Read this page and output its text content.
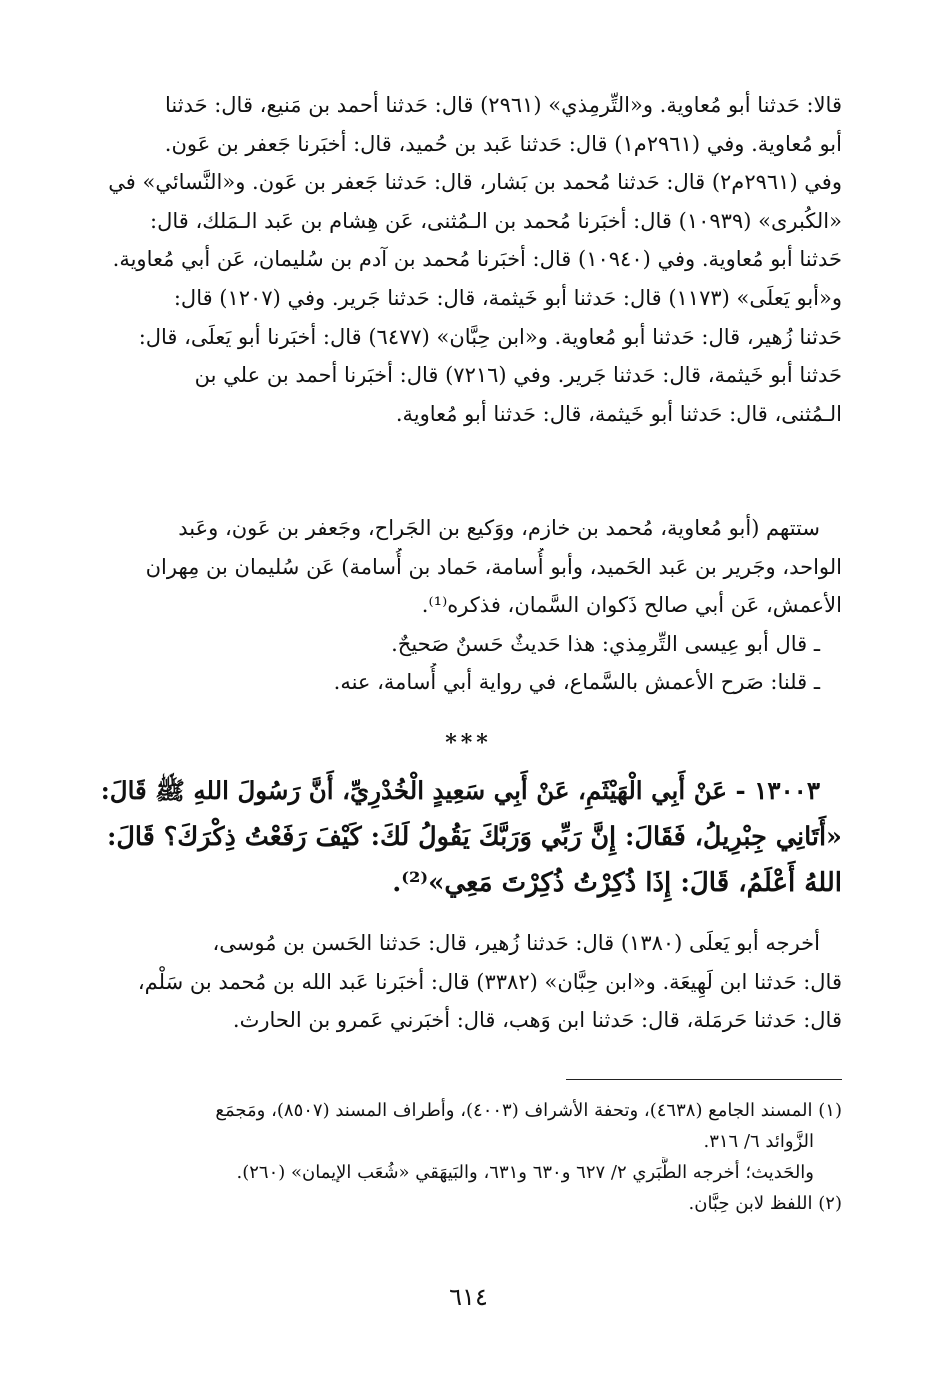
قالا: حَدثنا أبو مُعاوية. و«التِّرمِذي» (٢٩٦١) قال: حَدثنا أحمد بن مَنيع، قال: حَدثنا
أبو مُعاوية. وفي (٢٩٦١م١) قال: حَدثنا عَبد بن حُميد، قال: أخبَرنا جَعفر بن عَون.
وفي (٢٩٦١م٢) قال: حَدثنا مُحمد بن بَشار، قال: حَدثنا جَعفر بن عَون. و«النَّسائي» في
«الكُبرى» (١٠٩٣٩) قال: أخبَرنا مُحمد بن الـمُثنى، عَن هِشام بن عَبد الـمَلك، قال:
حَدثنا أبو مُعاوية. وفي (١٠٩٤٠) قال: أخبَرنا مُحمد بن آدم بن سُليمان، عَن أبي مُعاوية.
و«أبو يَعلَى» (١١٧٣) قال: حَدثنا أبو خَيثمة، قال: حَدثنا جَرير. وفي (١٢٠٧) قال:
حَدثنا زُهير، قال: حَدثنا أبو مُعاوية. و«ابن حِبَّان» (٦٤٧٧) قال: أخبَرنا أبو يَعلَى، قال:
حَدثنا أبو خَيثمة، قال: حَدثنا جَرير. وفي (٧٢١٦) قال: أخبَرنا أحمد بن علي بن
الـمُثنى، قال: حَدثنا أبو خَيثمة، قال: حَدثنا أبو مُعاوية.
ستتهم (أبو مُعاوية، مُحمد بن خازم، ووَكيع بن الجَراح، وجَعفر بن عَون، وعَبد
الواحد، وجَرير بن عَبد الحَميد، وأبو أُسامة، حَماد بن أُسامة) عَن سُليمان بن مِهران
الأعمش، عَن أبي صالح ذَكوان السَّمان، فذكره⁽¹⁾.
ـ قال أبو عِيسى التِّرمِذي: هذا حَديثٌ حَسنٌ صَحيحٌ.
ـ قلنا: صَرح الأعمش بالسَّماع، في رواية أبي أُسامة، عنه.
***
١٣٠٠٣ - عَنْ أَبِي الْهَيْثَمِ، عَنْ أَبِي سَعِيدٍ الْخُدْرِيِّ، أَنَّ رَسُولَ اللهِ ﷺ قَالَ:
«أَتَانِي جِبْرِيلُ، فَقَالَ: إِنَّ رَبِّي وَرَبَّكَ يَقُولُ لَكَ: كَيْفَ رَفَعْتُ ذِكْرَكَ؟ قَالَ:
اللهُ أَعْلَمُ، قَالَ: إِذَا ذُكِرْتُ ذُكِرْتَ مَعِي»⁽²⁾.
أخرجه أبو يَعلَى (١٣٨٠) قال: حَدثنا زُهير، قال: حَدثنا الحَسن بن مُوسى،
قال: حَدثنا ابن لَهِيعَة. و«ابن حِبَّان» (٣٣٨٢) قال: أخبَرنا عَبد الله بن مُحمد بن سَلْم،
قال: حَدثنا حَرمَلة، قال: حَدثنا ابن وَهب، قال: أخبَرني عَمرو بن الحارث.
(١) المسند الجامع (٤٦٣٨)، وتحفة الأشراف (٤٠٠٣)، وأطراف المسند (٨٥٠٧)، ومَجمَع
الزَّوائد ٦/ ٣١٦.
والحَديث؛ أخرجه الطَّبَري ٢/ ٦٢٧ و٦٣٠ و٦٣١، والبَيهَقي «شُعَب الإيمان» (٢٦٠).
(٢) اللفظ لابن حِبَّان.
٦١٤
